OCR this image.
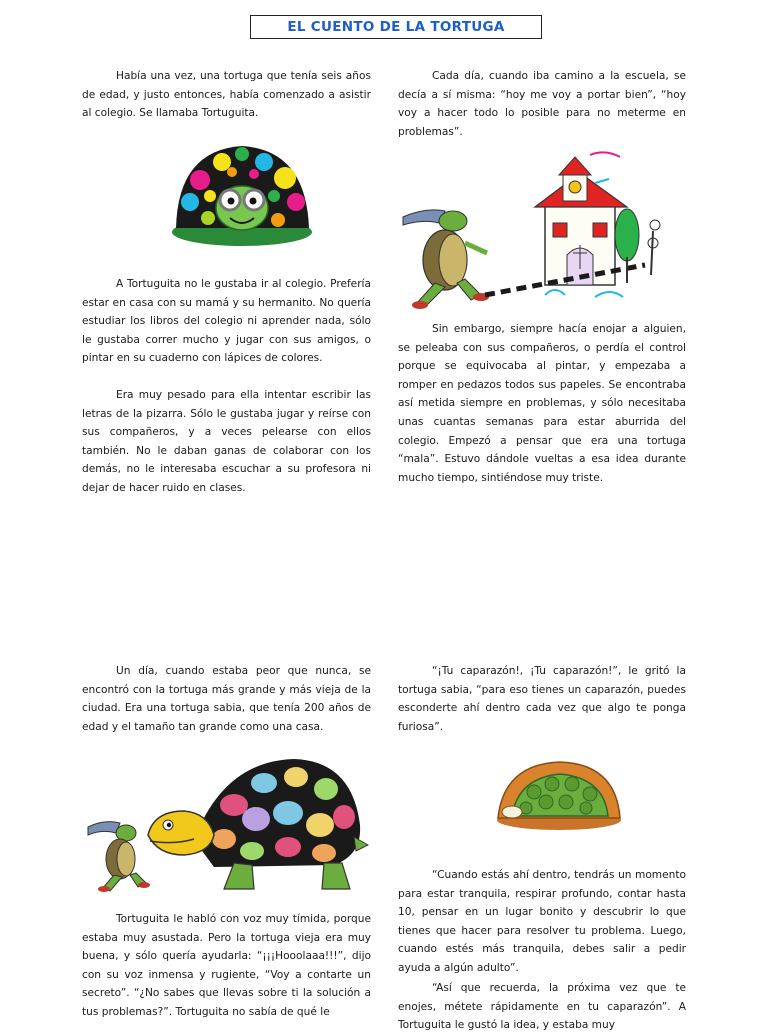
EL CUENTO DE LA TORTUGA

Había una vez, una tortuga que tenía seis años de edad, y justo entonces, había comenzado a asistir al colegio. Se llamaba Tortuguita.

A Tortuguita no le gustaba ir al colegio. Prefería estar en casa con su mamá y su hermanito. No quería estudiar los libros del colegio ni aprender nada, sólo le gustaba correr mucho y jugar con sus amigos, o pintar en su cuaderno con lápices de colores.

Era muy pesado para ella intentar escribir las letras de la pizarra. Sólo le gustaba jugar y reírse con sus compañeros, y a veces pelearse con ellos también. No le daban ganas de colaborar con los demás, no le interesaba escuchar a su profesora ni dejar de hacer ruido en clases.

Cada día, cuando iba camino a la escuela, se decía a sí misma: “hoy me voy a portar bien”, “hoy voy a hacer todo lo posible para no meterme en problemas”.

Sin embargo, siempre hacía enojar a alguien, se peleaba con sus compañeros, o perdía el control porque se equivocaba al pintar, y empezaba a romper en pedazos todos sus papeles. Se encontraba así metida siempre en problemas, y sólo necesitaba unas cuantas semanas para estar aburrida del colegio. Empezó a pensar que era una tortuga “mala”. Estuvo dándole vueltas a esa idea durante mucho tiempo, sintiéndose muy triste.

Un día, cuando estaba peor que nunca, se encontró con la tortuga más grande y más vieja de la ciudad. Era una tortuga sabia, que tenía 200 años de edad y el tamaño tan grande como una casa.

Tortuguita le habló con voz muy tímida, porque estaba muy asustada. Pero la tortuga vieja era muy buena, y sólo quería ayudarla: “¡¡¡Hooolaaa!!!”, dijo con su voz inmensa y rugiente, “Voy a contarte un secreto”. “¿No sabes que llevas sobre ti la solución a tus problemas?”. Tortuguita no sabía de qué le

“¡Tu caparazón!, ¡Tu caparazón!”, le gritó la tortuga sabia, “para eso tienes un caparazón, puedes esconderte ahí dentro cada vez que algo te ponga furiosa”.

“Cuando estás ahí dentro, tendrás un momento para estar tranquila, respirar profundo, contar hasta 10, pensar en un lugar bonito y descubrir lo que tienes que hacer para resolver tu problema. Luego, cuando estés más tranquila, debes salir a pedir ayuda a algún adulto”.

“Así que recuerda, la próxima vez que te enojes, métete rápidamente en tu caparazón”. A Tortuguita le gustó la idea, y estaba muy
